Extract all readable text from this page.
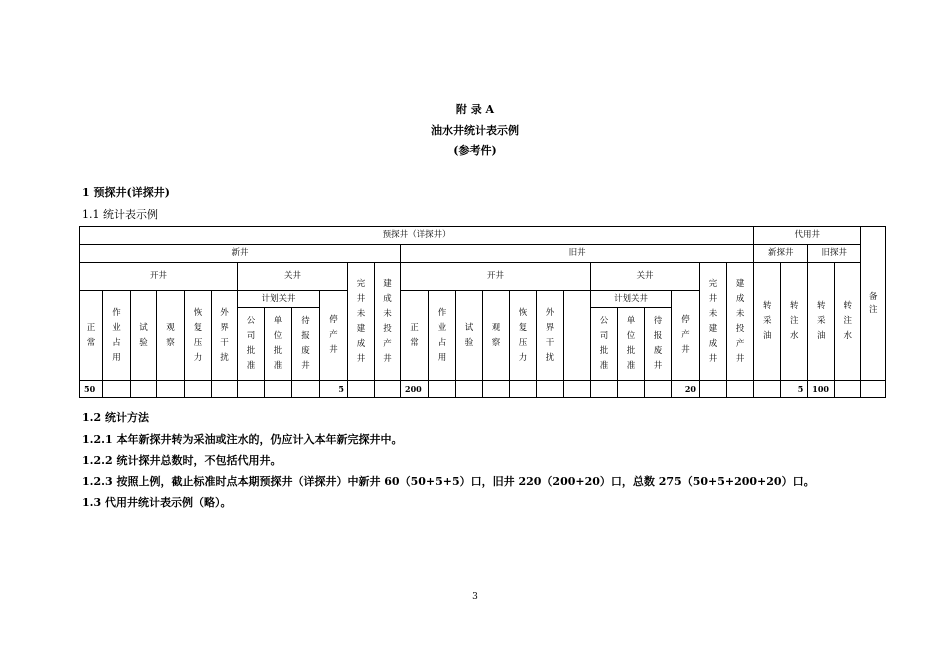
附 录 A
油水井统计表示例
(参考件)
1 预探井(详探井)
1.1 统计表示例
预探井（详探井）																									代用井				备注
新井												旧井													新探井		旧探井		
开井						关井				完井未建成井	建成未投产井	开井							关井				完井未建成井	建成未投产井	转采油	转注水	转采油	转注水	
正常	作业占用	试验	观察	恢复压力	外界干扰	计划关井			停产井			正常	作业占用	试验	观察	恢复压力	外界干扰		计划关井			停产井							
						公司批准	单位批准	待报废井											公司批准	单位批准	待报废井								
50									5			200										20				5	100		
1.2 统计方法
1.2.1 本年新探井转为采油或注水的，仍应计入本年新完探井中。
1.2.2 统计探井总数时，不包括代用井。
1.2.3 按照上例，截止标准时点本期预探井（详探井）中新井 60（50+5+5）口，旧井 220（200+20）口，总数 275（50+5+200+20）口。
1.3 代用井统计表示例（略）。
3
